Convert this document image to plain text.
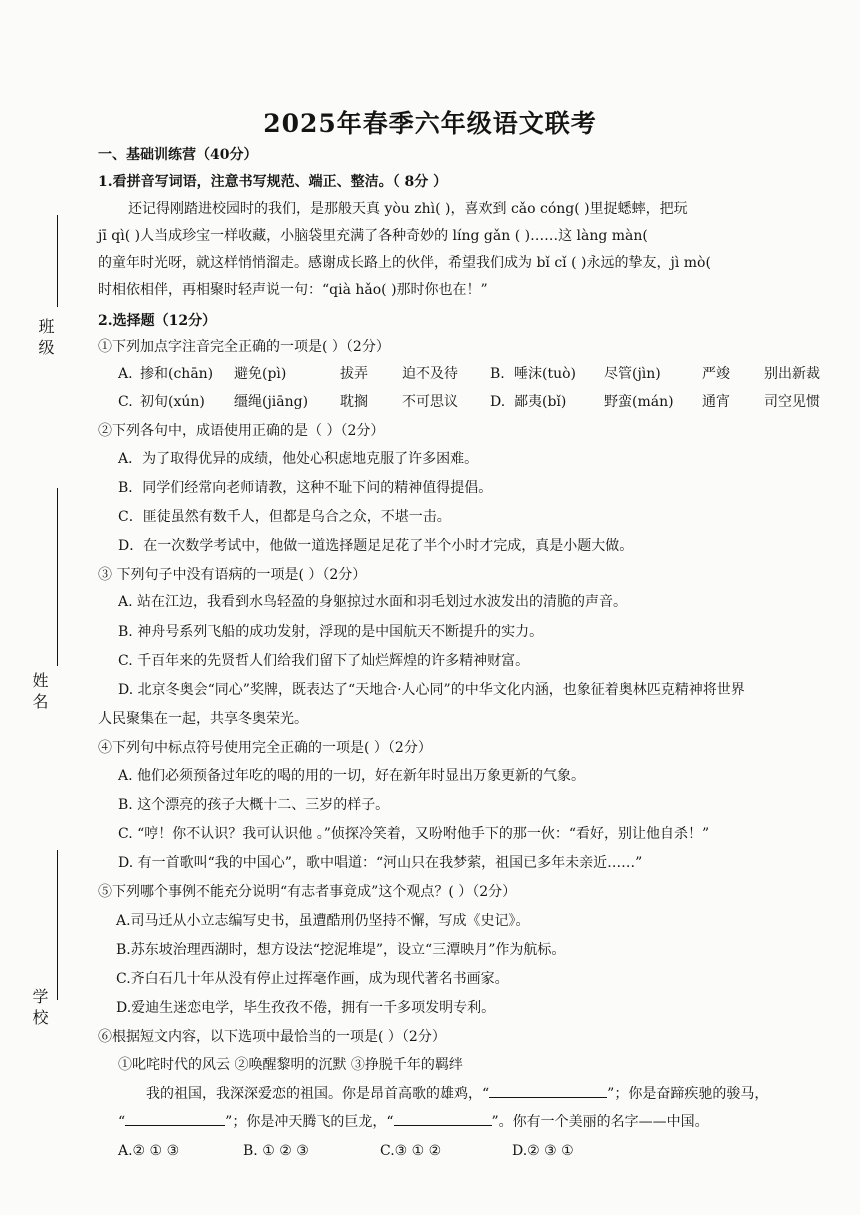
班 级
姓 名
学 校
2025年春季六年级语文联考
一、基础训练营（40分）
1.看拼音写词语，注意书写规范、端正、整洁。（ 8分 ）
还记得刚踏进校园时的我们，是那般天真 yòu zhì( )，喜欢到 cǎo cóng( )里捉蟋蟀，把玩
jī qì( )人当成珍宝一样收藏，小脑袋里充满了各种奇妙的 líng gǎn ( )……这 làng màn(
的童年时光呀，就这样悄悄溜走。感谢成长路上的伙伴，希望我们成为 bǐ cǐ ( )永远的挚友，jì mò(
时相依相伴，再相聚时轻声说一句：“qià hǎo( )那时你也在！”
2.选择题（12分）
①下列加点字注音完全正确的一项是( ）（2分）
A. 掺和(chān) 避免(pì)	拔弄 迫不及待 B. 唾沫(tuò) 尽管(jìn)	严竣 别出新裁
C. 初旬(xún) 缰绳(jiāng) 耽搁 不可思议 D. 鄙夷(bǐ)	野蛮(mán) 通宵 司空见惯
②下列各句中，成语使用正确的是（ ）（2分）
A．为了取得优异的成绩，他处心积虑地克服了许多困难。
B．同学们经常向老师请教，这种不耻下问的精神值得提倡。
C．匪徒虽然有数千人，但都是乌合之众，不堪一击。
D．在一次数学考试中，他做一道选择题足足花了半个小时才完成，真是小题大做。
③ 下列句子中没有语病的一项是( ）（2分）
A. 站在江边，我看到水鸟轻盈的身躯掠过水面和羽毛划过水波发出的清脆的声音。
B. 神舟号系列飞船的成功发射，浮现的是中国航天不断提升的实力。
C. 千百年来的先贤哲人们给我们留下了灿烂辉煌的许多精神财富。
D. 北京冬奥会“同心”奖牌，既表达了“天地合·人心同”的中华文化内涵，也象征着奥林匹克精神将世界
人民聚集在一起，共享冬奥荣光。
④下列句中标点符号使用完全正确的一项是( ）（2分）
A. 他们必须预备过年吃的喝的用的一切，好在新年时显出万象更新的气象。
B. 这个漂亮的孩子大概十二、三岁的样子。
C. “哼！你不认识？我可认识他 。”侦探冷笑着，又吩咐他手下的那一伙：“看好，别让他自杀！”
D. 有一首歌叫“我的中国心”，歌中唱道：“河山只在我梦萦，祖国已多年未亲近……”
⑤下列哪个事例不能充分说明“有志者事竟成”这个观点？( ）（2分）
A.司马迁从小立志编写史书，虽遭酷刑仍坚持不懈，写成《史记》。
B.苏东坡治理西湖时，想方设法“挖泥堆堤”，设立“三潭映月”作为航标。
C.齐白石几十年从没有停止过挥毫作画，成为现代著名书画家。
D.爱迪生迷恋电学，毕生孜孜不倦，拥有一千多项发明专利。
⑥根据短文内容，以下选项中最恰当的一项是( ）（2分）
①叱咤时代的风云 ②唤醒黎明的沉默 ③挣脱千年的羁绊
我的祖国，我深深爱恋的祖国。你是昂首高歌的雄鸡，“	”；你是奋蹄疾驰的骏马，
“	”；你是冲天腾飞的巨龙，“	”。你有一个美丽的名字——中国。
A.② ① ③	B. ① ② ③	C.③ ① ②	D.② ③ ①
